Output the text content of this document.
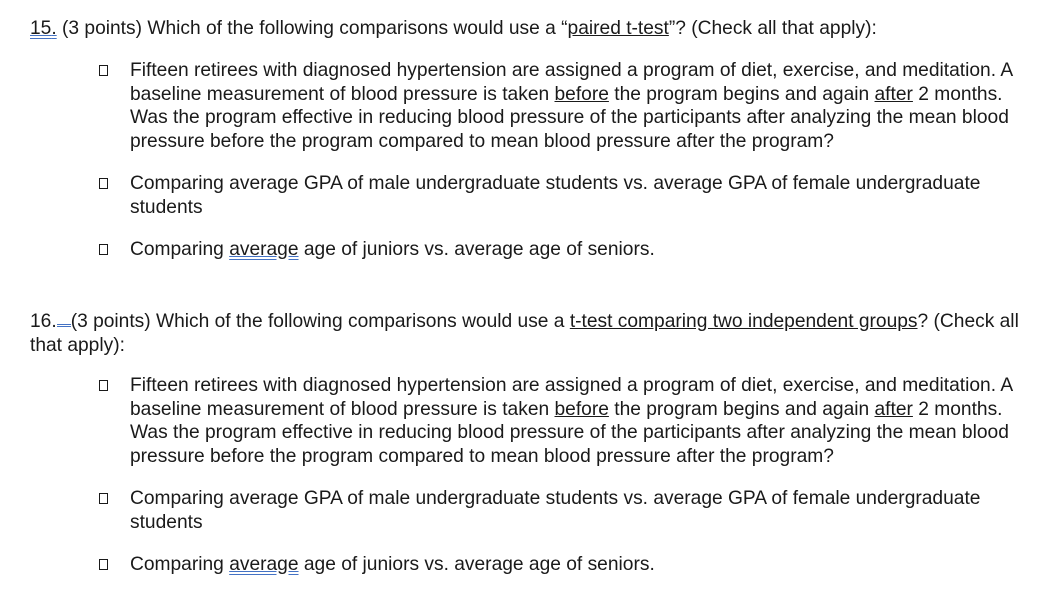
15. (3 points) Which of the following comparisons would use a “paired t-test”? (Check all that apply):

Fifteen retirees with diagnosed hypertension are assigned a program of diet, exercise, and meditation. A baseline measurement of blood pressure is taken before the program begins and again after 2 months. Was the program effective in reducing blood pressure of the participants after analyzing the mean blood pressure before the program compared to mean blood pressure after the program?
Comparing average GPA of male undergraduate students vs. average GPA of female undergraduate students
Comparing average age of juniors vs. average age of seniors.

16. (3 points) Which of the following comparisons would use a t-test comparing two independent groups? (Check all that apply):

Fifteen retirees with diagnosed hypertension are assigned a program of diet, exercise, and meditation. A baseline measurement of blood pressure is taken before the program begins and again after 2 months. Was the program effective in reducing blood pressure of the participants after analyzing the mean blood pressure before the program compared to mean blood pressure after the program?
Comparing average GPA of male undergraduate students vs. average GPA of female undergraduate students
Comparing average age of juniors vs. average age of seniors.
